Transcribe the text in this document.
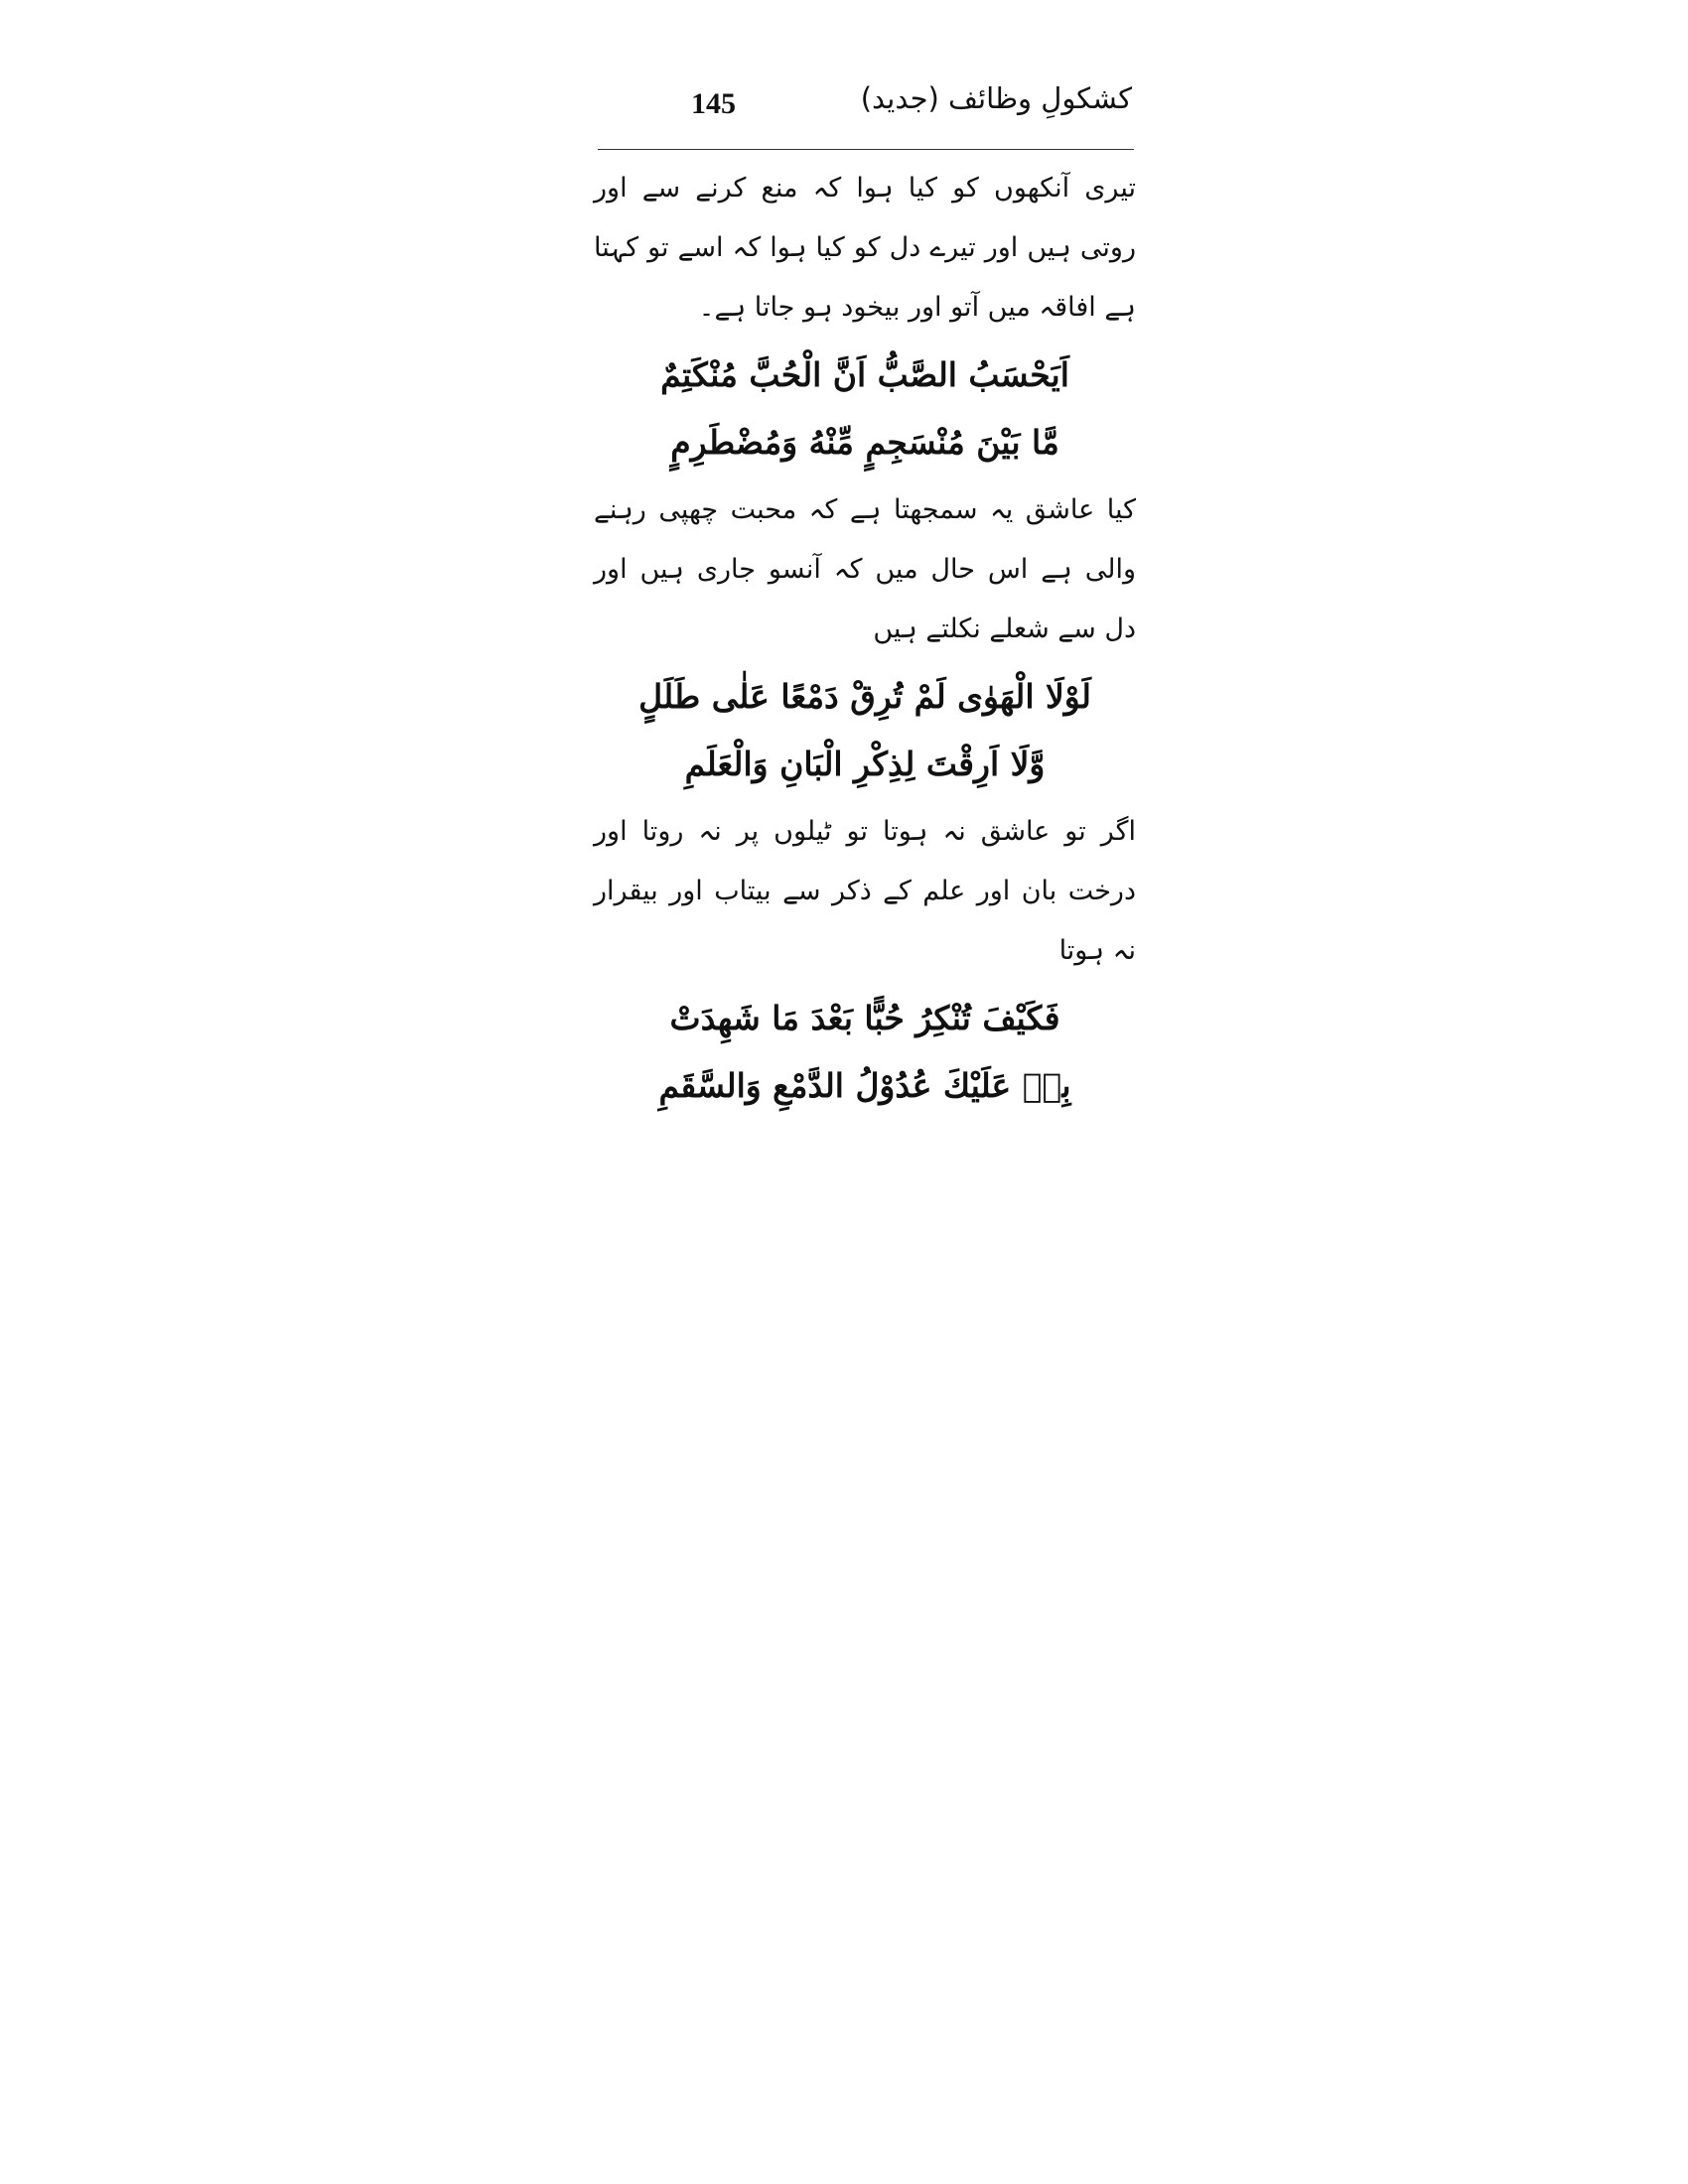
145	کشکولِ وظائف (جدید)

تیری آنکھوں کو کیا ہوا کہ منع کرنے سے اور روتی ہیں اور تیرے دل کو کیا ہوا کہ اسے تو کہتا ہے افاقہ میں آتو اور بیخود ہو جاتا ہے۔

اَيَحْسَبُ الصَّبُّ اَنَّ الْحُبَّ مُنْكَتِمٌ

مَّا بَيْنَ مُنْسَجِمٍ مِّنْهُ وَمُضْطَرِمٍ

کیا عاشق یہ سمجھتا ہے کہ محبت چھپی رہنے والی ہے اس حال میں کہ آنسو جاری ہیں اور دل سے شعلے نکلتے ہیں

لَوْلَا الْهَوٰى لَمْ تُرِقْ دَمْعًا عَلٰى طَلَلٍ

وَّلَا اَرِقْتَ لِذِكْرِ الْبَانِ وَالْعَلَمِ

اگر تو عاشق نہ ہوتا تو ٹیلوں پر نہ روتا اور درخت بان اور علم کے ذکر سے بیتاب اور بیقرار نہ ہوتا

فَكَيْفَ تُنْكِرُ حُبًّا بَعْدَ مَا شَهِدَتْ

بِهٖ عَلَيْكَ عُدُوْلُ الدَّمْعِ وَالسَّقَمِ
